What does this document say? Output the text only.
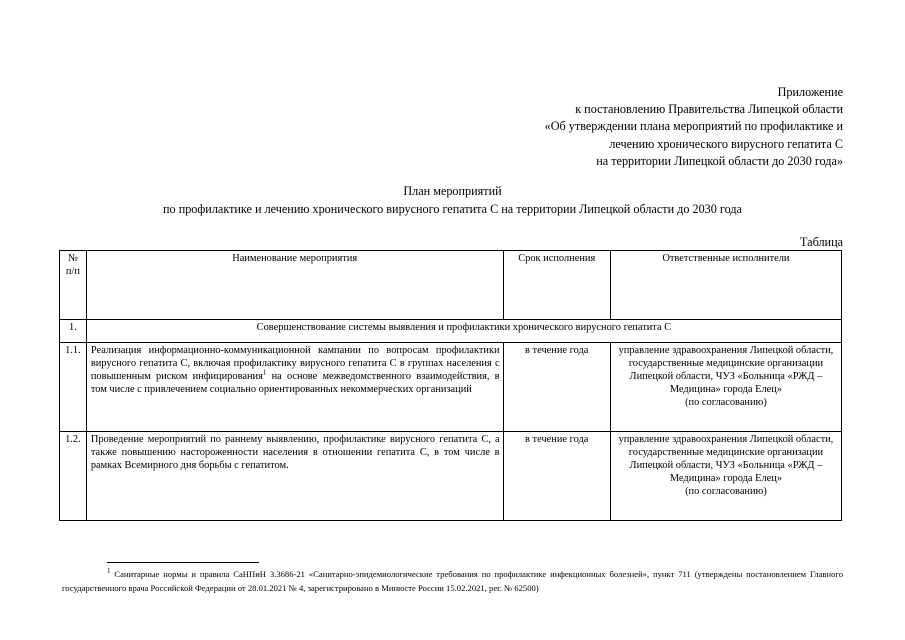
Приложение
к постановлению Правительства Липецкой области
«Об утверждении плана мероприятий по профилактике и
лечению хронического вирусного гепатита С
на территории Липецкой области до 2030 года»
План мероприятий
по профилактике и лечению хронического вирусного гепатита С на территории Липецкой области до 2030 года
Таблица
№ п/п	Наименование мероприятия	Срок исполнения	Ответственные исполнители
1.	Совершенствование системы выявления и профилактики хронического вирусного гепатита С		
1.1.	Реализация информационно-коммуникационной кампании по вопросам профилактики вирусного гепатита С, включая профилактику вирусного гепатита С в группах населения с повышенным риском инфицирования$^1$ на основе межведомственного взаимодействия, в том числе с привлечением социально ориентированных некоммерческих организаций	в течение года	управление здравоохранения Липецкой области, государственные медицинские организации Липецкой области, ЧУЗ «Больница «РЖД – Медицина» города Елец»
(по согласованию)

1.2.	Проведение мероприятий по раннему выявлению, профилактике вирусного гепатита С, а также повышению настороженности населения в отношении гепатита С, в том числе в рамках Всемирного дня борьбы с гепатитом.	в течение года	управление здравоохранения Липецкой области, государственные медицинские организации Липецкой области, ЧУЗ «Больница «РЖД – Медицина» города Елец»
(по согласованию)
$^1$ Санитарные нормы и правила СаНПиН 3.3686-21 «Санитарно-эпидемиологические требования по профилактике инфекционных болезней», пункт 711 (утверждены постановлением Главного государственного врача Российской Федерации от 28.01.2021 № 4, зарегистрировано в Минюсте России 15.02.2021, рег. № 62500)
